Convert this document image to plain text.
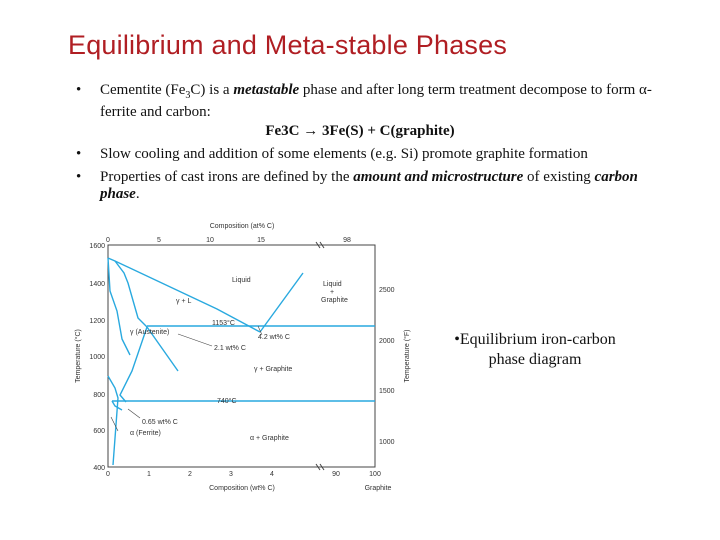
Equilibrium and Meta-stable Phases
• Cementite $(Fe_3C)$ is a metastable phase and after long term treatment decompose to form α-ferrite and carbon:
Fe3C → 3Fe(S) + C(graphite)
• Slow cooling and addition of some elements (e.g. Si) promote graphite formation
• Properties of cast irons are defined by the amount and microstructure of existing carbon phase.
Composition (at% C)
0	5	10	15	98
0	1	2	3	4	90	100
Composition (wt% C)	Graphite
1600
1400
1200
1000
800
600
400
Temperature (°C)
2500
2000
1500
1000
Temperature (°F)
Liquid
Liquid
+
Graphite
γ + L
1153°C
4.2 wt% C
γ (Austenite)
2.1 wt% C
γ + Graphite
740°C
0.65 wt% C
α (Ferrite)
α + Graphite
•Equilibrium iron-carbon
phase diagram
